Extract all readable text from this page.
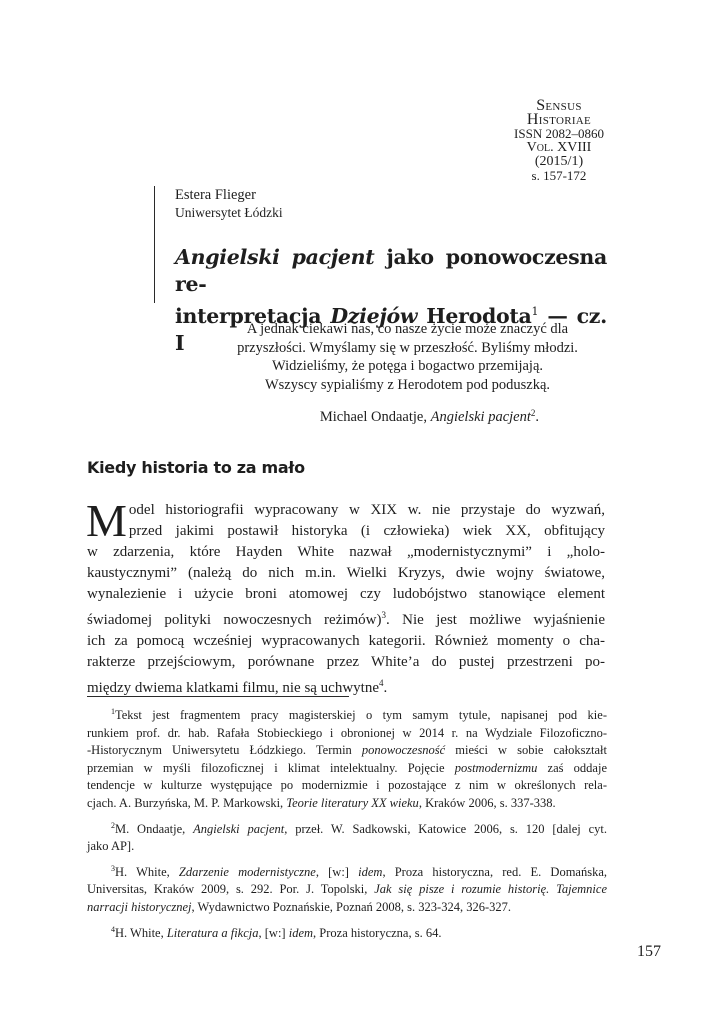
Sensus
Historiae
ISSN 2082–0860
Vol. XVIII (2015/1)
s. 157-172
Estera Flieger
Uniwersytet Łódzki
Angielski pacjent jako ponowoczesna re-
interpretacja Dziejów Herodota$^1$ — cz. I
A jednak ciekawi nas, co nasze życie może znaczyć dla
przyszłości. Wmyślamy się w przeszłość. Byliśmy młodzi.
Widzieliśmy, że potęga i bogactwo przemijają.
Wszyscy sypialiśmy z Herodotem pod poduszką.
Michael Ondaatje, Angielski pacjent$^2$.
Kiedy historia to za mało
M odel historiografii wypracowany w XIX w. nie przystaje do wyzwań,
przed jakimi postawił historyka (i człowieka) wiek XX, obfitujący
w zdarzenia, które Hayden White nazwał „modernistycznymi” i „holo-
kaustycznymi” (należą do nich m.in. Wielki Kryzys, dwie wojny światowe,
wynalezienie i użycie broni atomowej czy ludobójstwo stanowiące element
świadomej polityki nowoczesnych reżimów)$^3$. Nie jest możliwe wyjaśnienie
ich za pomocą wcześniej wypracowanych kategorii. Również momenty o cha-
rakterze przejściowym, porównane przez White’a do pustej przestrzeni po-
między dwiema klatkami filmu, nie są uchwytne$^4$.
$^1$Tekst jest fragmentem pracy magisterskiej o tym samym tytule, napisanej pod kie-
runkiem prof. dr. hab. Rafała Stobieckiego i obronionej w 2014 r. na Wydziale Filozoficzno-
-Historycznym Uniwersytetu Łódzkiego. Termin ponowoczesność mieści w sobie całokształt
przemian w myśli filozoficznej i klimat intelektualny. Pojęcie postmodernizmu zaś oddaje
tendencje w kulturze występujące po modernizmie i pozostające z nim w określonych rela-
cjach. A. Burzyńska, M. P. Markowski, Teorie literatury XX wieku, Kraków 2006, s. 337-338.
$^2$M. Ondaatje, Angielski pacjent, przeł. W. Sadkowski, Katowice 2006, s. 120 [dalej cyt.
jako AP].
$^3$H. White, Zdarzenie modernistyczne, [w:] idem, Proza historyczna, red. E. Domańska,
Universitas, Kraków 2009, s. 292. Por. J. Topolski, Jak się pisze i rozumie historię. Tajemnice
narracji historycznej, Wydawnictwo Poznańskie, Poznań 2008, s. 323-324, 326-327.
$^4$H. White, Literatura a fikcja, [w:] idem, Proza historyczna, s. 64.
157
